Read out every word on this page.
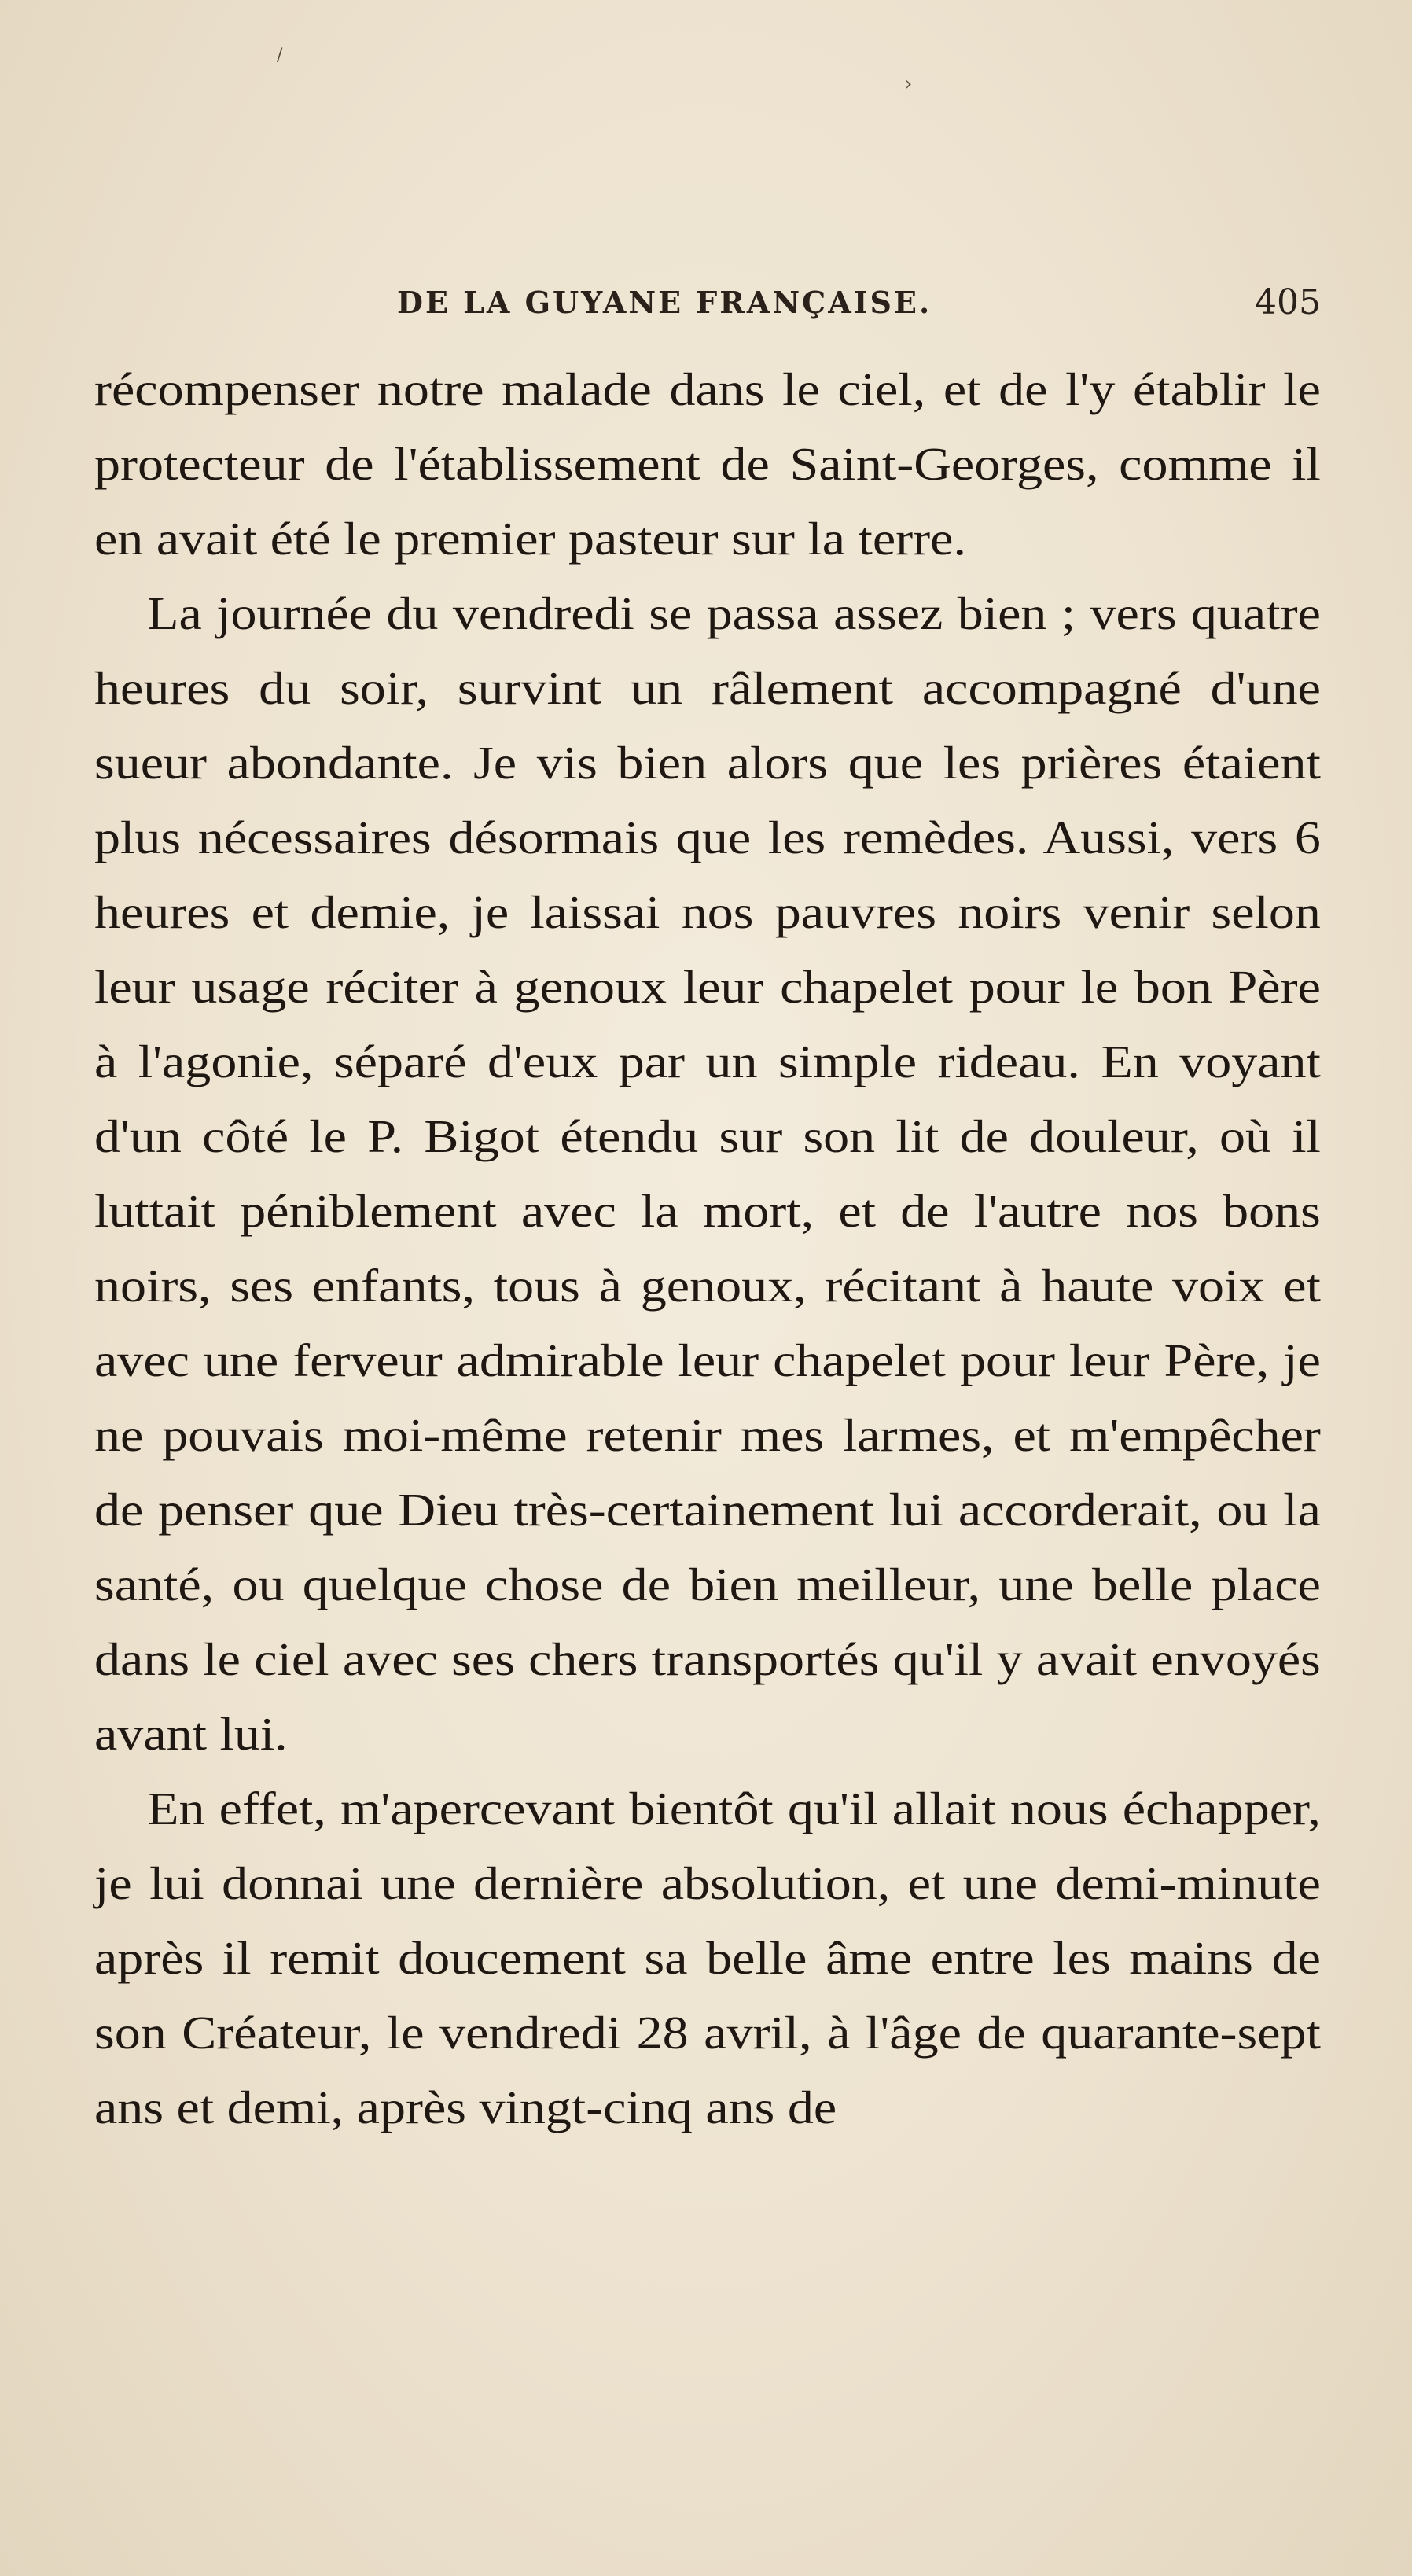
›
/
DE LA GUYANE FRANÇAISE.	405

récompenser notre malade dans le ciel, et de l'y établir le protecteur de l'établissement de Saint-Georges, comme il en avait été le premier pasteur sur la terre.

La journée du vendredi se passa assez bien ; vers quatre heures du soir, survint un râlement accompagné d'une sueur abondante. Je vis bien alors que les prières étaient plus nécessaires désormais que les remèdes. Aussi, vers 6 heures et demie, je laissai nos pauvres noirs venir selon leur usage réciter à genoux leur chapelet pour le bon Père à l'agonie, séparé d'eux par un simple rideau. En voyant d'un côté le P. Bigot étendu sur son lit de douleur, où il luttait péniblement avec la mort, et de l'autre nos bons noirs, ses enfants, tous à genoux, récitant à haute voix et avec une ferveur admirable leur chapelet pour leur Père, je ne pouvais moi-même retenir mes larmes, et m'empêcher de penser que Dieu très-certainement lui accorderait, ou la santé, ou quelque chose de bien meilleur, une belle place dans le ciel avec ses chers transportés qu'il y avait envoyés avant lui.

En effet, m'apercevant bientôt qu'il allait nous échapper, je lui donnai une dernière absolution, et une demi-minute après il remit doucement sa belle âme entre les mains de son Créateur, le vendredi 28 avril, à l'âge de quarante-sept ans et demi, après vingt-cinq ans de
